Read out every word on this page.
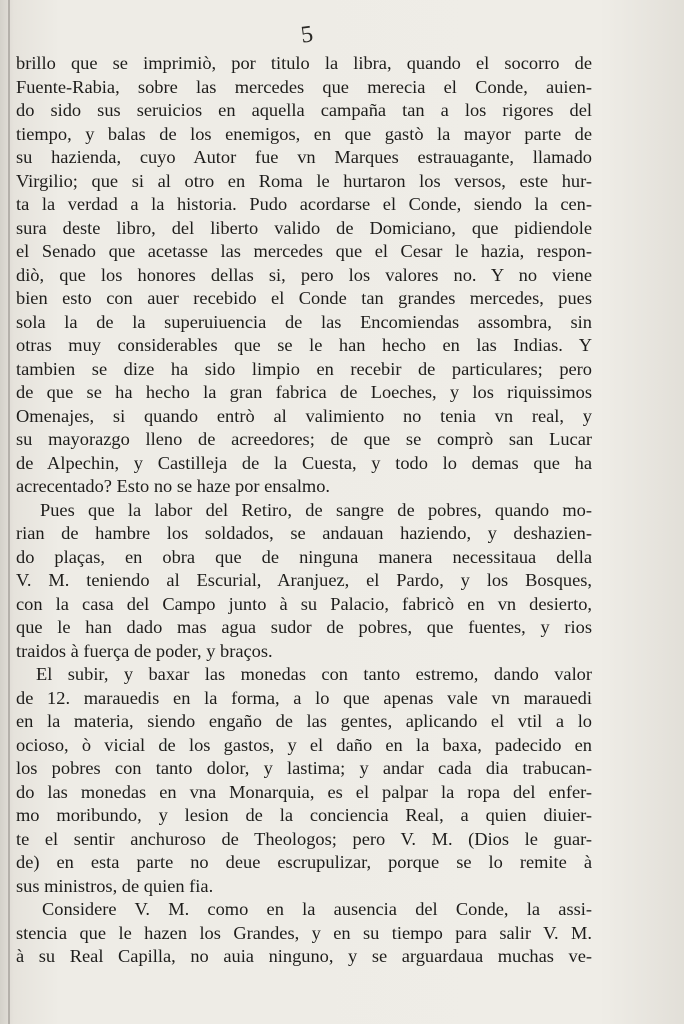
5
brillo que se imprimiò, por titulo la libra, quando el socorro de
Fuente-Rabia, sobre las mercedes que merecia el Conde, auien-
do sido sus seruicios en aquella campaña tan a los rigores del
tiempo, y balas de los enemigos, en que gastò la mayor parte de
su hazienda, cuyo Autor fue vn Marques estrauagante, llamado
Virgilio; que si al otro en Roma le hurtaron los versos, este hur-
ta la verdad a la historia. Pudo acordarse el Conde, siendo la cen-
sura deste libro, del liberto valido de Domiciano, que pidiendole
el Senado que acetasse las mercedes que el Cesar le hazia, respon-
diò, que los honores dellas si, pero los valores no. Y no viene
bien esto con auer recebido el Conde tan grandes mercedes, pues
sola la de la superuiuencia de las Encomiendas assombra, sin
otras muy considerables que se le han hecho en las Indias. Y
tambien se dize ha sido limpio en recebir de particulares; pero
de que se ha hecho la gran fabrica de Loeches, y los riquissimos
Omenajes, si quando entrò al valimiento no tenia vn real, y
su mayorazgo lleno de acreedores; de que se comprò san Lucar
de Alpechin, y Castilleja de la Cuesta, y todo lo demas que ha
acrecentado? Esto no se haze por ensalmo.
Pues que la labor del Retiro, de sangre de pobres, quando mo-
rian de hambre los soldados, se andauan haziendo, y deshazien-
do plaças, en obra que de ninguna manera necessitaua della
V. M. teniendo al Escurial, Aranjuez, el Pardo, y los Bosques,
con la casa del Campo junto à su Palacio, fabricò en vn desierto,
que le han dado mas agua sudor de pobres, que fuentes, y rios
traidos à fuerça de poder, y braços.
El subir, y baxar las monedas con tanto estremo, dando valor
de 12. marauedis en la forma, a lo que apenas vale vn marauedi
en la materia, siendo engaño de las gentes, aplicando el vtil a lo
ocioso, ò vicial de los gastos, y el daño en la baxa, padecido en
los pobres con tanto dolor, y lastima; y andar cada dia trabucan-
do las monedas en vna Monarquia, es el palpar la ropa del enfer-
mo moribundo, y lesion de la conciencia Real, a quien diuier-
te el sentir anchuroso de Theologos; pero V. M. (Dios le guar-
de) en esta parte no deue escrupulizar, porque se lo remite à
sus ministros, de quien fia.
Considere V. M. como en la ausencia del Conde, la assi-
stencia que le hazen los Grandes, y en su tiempo para salir V. M.
à su Real Capilla, no auia ninguno, y se arguardaua muchas ve-
